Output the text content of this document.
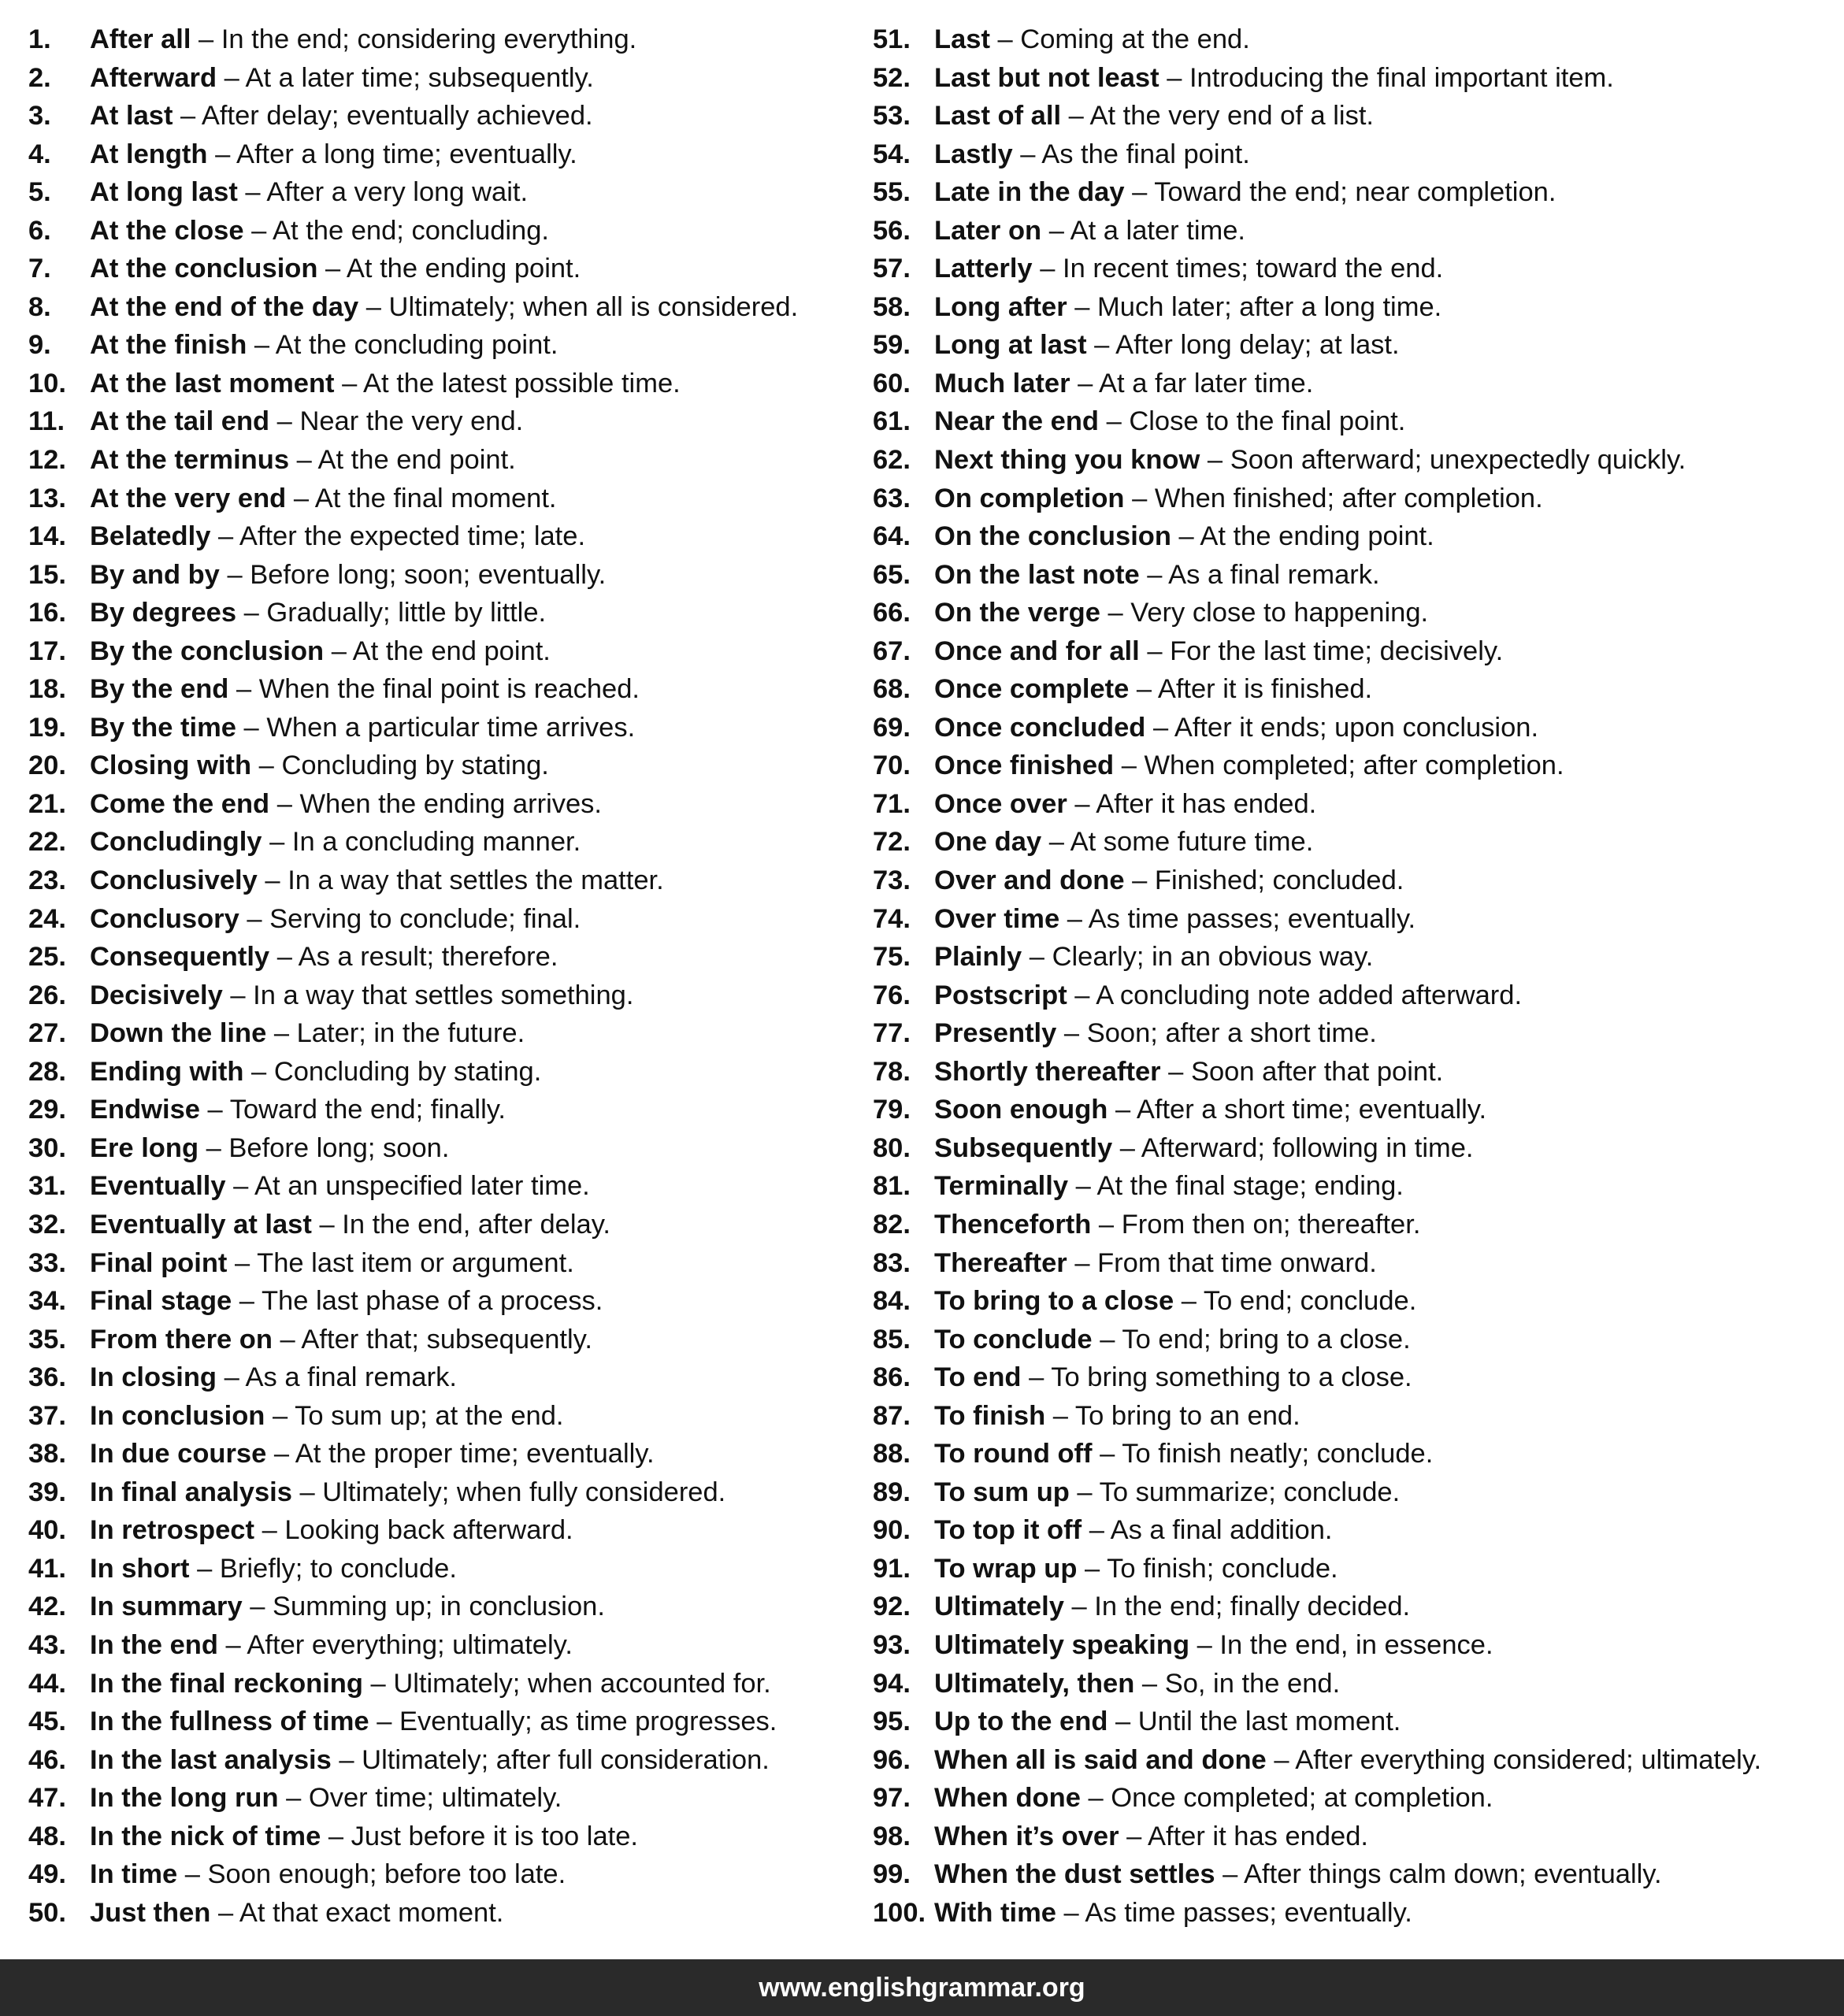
1. After all – In the end; considering everything.
2. Afterward – At a later time; subsequently.
3. At last – After delay; eventually achieved.
4. At length – After a long time; eventually.
5. At long last – After a very long wait.
6. At the close – At the end; concluding.
7. At the conclusion – At the ending point.
8. At the end of the day – Ultimately; when all is considered.
9. At the finish – At the concluding point.
10. At the last moment – At the latest possible time.
11. At the tail end – Near the very end.
12. At the terminus – At the end point.
13. At the very end – At the final moment.
14. Belatedly – After the expected time; late.
15. By and by – Before long; soon; eventually.
16. By degrees – Gradually; little by little.
17. By the conclusion – At the end point.
18. By the end – When the final point is reached.
19. By the time – When a particular time arrives.
20. Closing with – Concluding by stating.
21. Come the end – When the ending arrives.
22. Concludingly – In a concluding manner.
23. Conclusively – In a way that settles the matter.
24. Conclusory – Serving to conclude; final.
25. Consequently – As a result; therefore.
26. Decisively – In a way that settles something.
27. Down the line – Later; in the future.
28. Ending with – Concluding by stating.
29. Endwise – Toward the end; finally.
30. Ere long – Before long; soon.
31. Eventually – At an unspecified later time.
32. Eventually at last – In the end, after delay.
33. Final point – The last item or argument.
34. Final stage – The last phase of a process.
35. From there on – After that; subsequently.
36. In closing – As a final remark.
37. In conclusion – To sum up; at the end.
38. In due course – At the proper time; eventually.
39. In final analysis – Ultimately; when fully considered.
40. In retrospect – Looking back afterward.
41. In short – Briefly; to conclude.
42. In summary – Summing up; in conclusion.
43. In the end – After everything; ultimately.
44. In the final reckoning – Ultimately; when accounted for.
45. In the fullness of time – Eventually; as time progresses.
46. In the last analysis – Ultimately; after full consideration.
47. In the long run – Over time; ultimately.
48. In the nick of time – Just before it is too late.
49. In time – Soon enough; before too late.
50. Just then – At that exact moment.
51. Last – Coming at the end.
52. Last but not least – Introducing the final important item.
53. Last of all – At the very end of a list.
54. Lastly – As the final point.
55. Late in the day – Toward the end; near completion.
56. Later on – At a later time.
57. Latterly – In recent times; toward the end.
58. Long after – Much later; after a long time.
59. Long at last – After long delay; at last.
60. Much later – At a far later time.
61. Near the end – Close to the final point.
62. Next thing you know – Soon afterward; unexpectedly quickly.
63. On completion – When finished; after completion.
64. On the conclusion – At the ending point.
65. On the last note – As a final remark.
66. On the verge – Very close to happening.
67. Once and for all – For the last time; decisively.
68. Once complete – After it is finished.
69. Once concluded – After it ends; upon conclusion.
70. Once finished – When completed; after completion.
71. Once over – After it has ended.
72. One day – At some future time.
73. Over and done – Finished; concluded.
74. Over time – As time passes; eventually.
75. Plainly – Clearly; in an obvious way.
76. Postscript – A concluding note added afterward.
77. Presently – Soon; after a short time.
78. Shortly thereafter – Soon after that point.
79. Soon enough – After a short time; eventually.
80. Subsequently – Afterward; following in time.
81. Terminally – At the final stage; ending.
82. Thenceforth – From then on; thereafter.
83. Thereafter – From that time onward.
84. To bring to a close – To end; conclude.
85. To conclude – To end; bring to a close.
86. To end – To bring something to a close.
87. To finish – To bring to an end.
88. To round off – To finish neatly; conclude.
89. To sum up – To summarize; conclude.
90. To top it off – As a final addition.
91. To wrap up – To finish; conclude.
92. Ultimately – In the end; finally decided.
93. Ultimately speaking – In the end, in essence.
94. Ultimately, then – So, in the end.
95. Up to the end – Until the last moment.
96. When all is said and done – After everything considered; ultimately.
97. When done – Once completed; at completion.
98. When it’s over – After it has ended.
99. When the dust settles – After things calm down; eventually.
100. With time – As time passes; eventually.
www.englishgrammar.org
